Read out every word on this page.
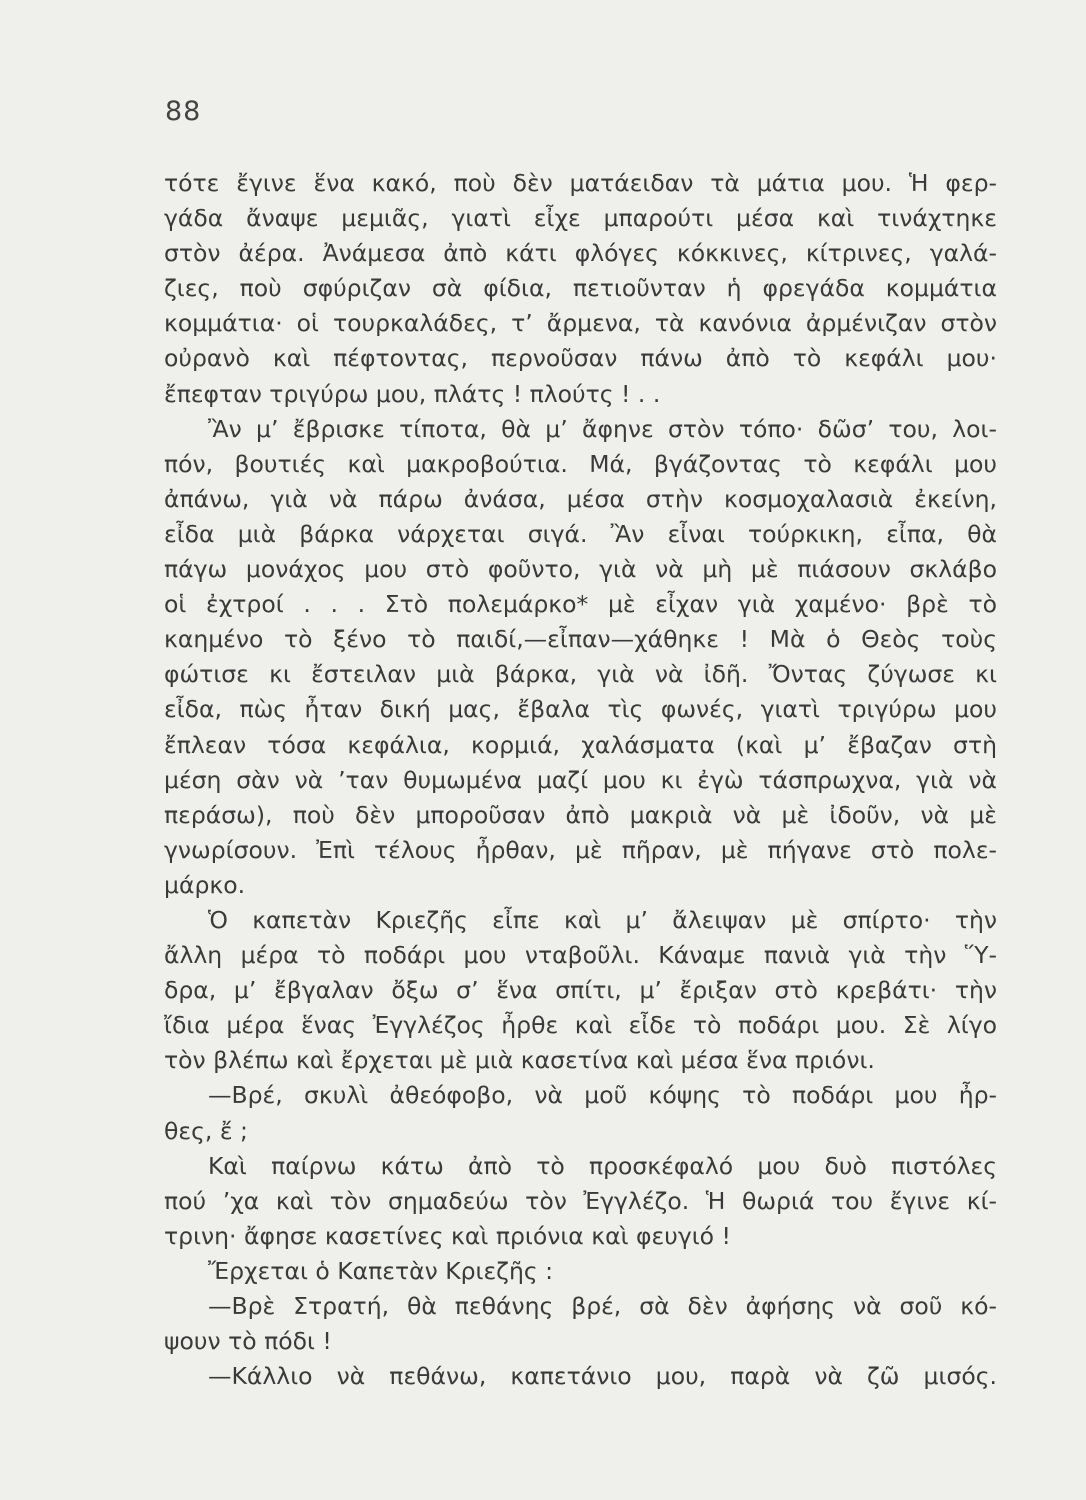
88
τότε ἔγινε ἕνα κακό, ποὺ δὲν ματάειδαν τὰ μάτια μου. Ἡ φερ-
γάδα ἄναψε μεμιᾶς, γιατὶ εἶχε μπαρούτι μέσα καὶ τινάχτηκε
στὸν ἀέρα. Ἀνάμεσα ἀπὸ κάτι φλόγες κόκκινες, κίτρινες, γαλά-
ζιες, ποὺ σφύριζαν σὰ φίδια, πετιοῦνταν ἡ φρεγάδα κομμάτια
κομμάτια· οἱ τουρκαλάδες, τ’ ἄρμενα, τὰ κανόνια ἀρμένιζαν στὸν
οὐρανὸ καὶ πέφτοντας, περνοῦσαν πάνω ἀπὸ τὸ κεφάλι μου·
ἔπεφταν τριγύρω μου, πλάτς ! πλούτς ! . .
Ἂν μ’ ἔβρισκε τίποτα, θὰ μ’ ἄφηνε στὸν τόπο· δῶσ’ του, λοι-
πόν, βουτιές καὶ μακροβούτια. Μά, βγάζοντας τὸ κεφάλι μου
ἀπάνω, γιὰ νὰ πάρω ἀνάσα, μέσα στὴν κοσμοχαλασιὰ ἐκείνη,
εἶδα μιὰ βάρκα νάρχεται σιγά. Ἂν εἶναι τούρκικη, εἶπα, θὰ
πάγω μονάχος μου στὸ φοῦντο, γιὰ νὰ μὴ μὲ πιάσουν σκλάβο
οἱ ἐχτροί . . . Στὸ πολεμάρκο* μὲ εἶχαν γιὰ χαμένο· βρὲ τὸ
καημένο τὸ ξένο τὸ παιδί,—εἶπαν—χάθηκε ! Μὰ ὁ Θεὸς τοὺς
φώτισε κι ἔστειλαν μιὰ βάρκα, γιὰ νὰ ἰδῆ. Ὄντας ζύγωσε κι
εἶδα, πὼς ἦταν δική μας, ἔβαλα τὶς φωνές, γιατὶ τριγύρω μου
ἔπλεαν τόσα κεφάλια, κορμιά, χαλάσματα (καὶ μ’ ἔβαζαν στὴ
μέση σὰν νὰ ’ταν θυμωμένα μαζί μου κι ἐγὼ τάσπρωχνα, γιὰ νὰ
περάσω), ποὺ δὲν μποροῦσαν ἀπὸ μακριὰ νὰ μὲ ἰδοῦν, νὰ μὲ
γνωρίσουν. Ἐπὶ τέλους ἦρθαν, μὲ πῆραν, μὲ πήγανε στὸ πολε-
μάρκο.
Ὁ καπετὰν Κριεζῆς εἶπε καὶ μ’ ἄλειψαν μὲ σπίρτο· τὴν
ἄλλη μέρα τὸ ποδάρι μου νταβοῦλι. Κάναμε πανιὰ γιὰ τὴν Ὕ-
δρα, μ’ ἔβγαλαν ὄξω σ’ ἕνα σπίτι, μ’ ἔριξαν στὸ κρεβάτι· τὴν
ἴδια μέρα ἕνας Ἐγγλέζος ἦρθε καὶ εἶδε τὸ ποδάρι μου. Σὲ λίγο
τὸν βλέπω καὶ ἔρχεται μὲ μιὰ κασετίνα καὶ μέσα ἕνα πριόνι.
—Βρέ, σκυλὶ ἀθεόφοβο, νὰ μοῦ κόψης τὸ ποδάρι μου ἦρ-
θες, ἔ ;
Καὶ παίρνω κάτω ἀπὸ τὸ προσκέφαλό μου δυὸ πιστόλες
πού ’χα καὶ τὸν σημαδεύω τὸν Ἐγγλέζο. Ἡ θωριά του ἔγινε κί-
τρινη· ἄφησε κασετίνες καὶ πριόνια καὶ φευγιό !
Ἔρχεται ὁ Καπετὰν Κριεζῆς :
—Βρὲ Στρατή, θὰ πεθάνης βρέ, σὰ δὲν ἀφήσης νὰ σοῦ κό-
ψουν τὸ πόδι !
—Κάλλιο νὰ πεθάνω, καπετάνιο μου, παρὰ νὰ ζῶ μισός.
